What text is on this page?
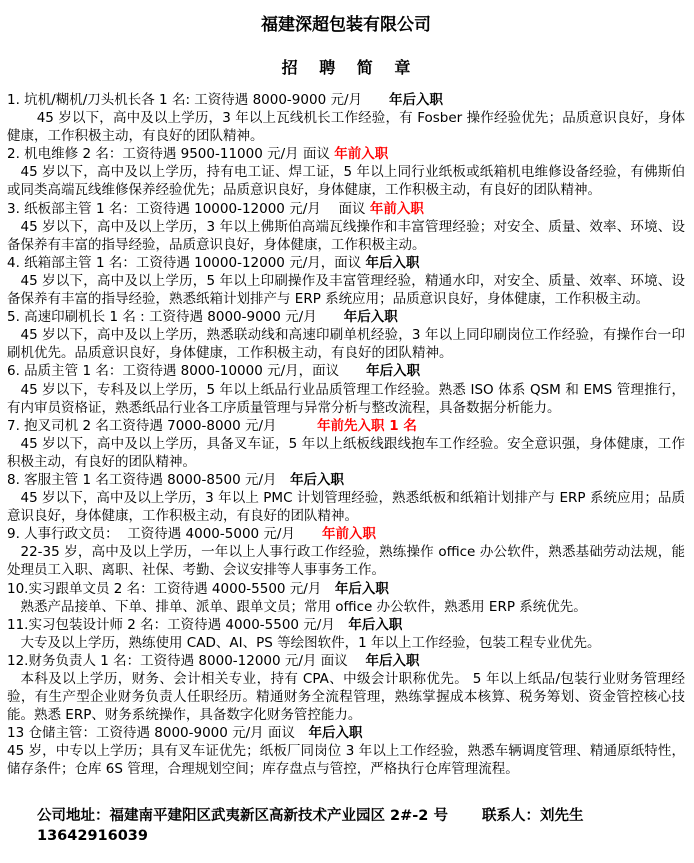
福建深超包装有限公司
招 聘 简 章
1. 坑机/糊机/刀头机长各 1 名: 工资待遇 8000-9000 元/月　　 年后入职

45 岁以下，高中及以上学历，3 年以上瓦线机长工作经验，有 Fosber 操作经验优先；品质意识良好，身体健康，工作积极主动，有良好的团队精神。

2. 机电维修 2 名：工资待遇 9500-11000 元/月 面议 年前入职

45 岁以下，高中及以上学历，持有电工证、焊工证，5 年以上同行业纸板或纸箱机电维修设备经验，有佛斯伯或同类高端瓦线维修保养经验优先；品质意识良好，身体健康，工作积极主动，有良好的团队精神。

3. 纸板部主管 1 名：工资待遇 10000-12000 元/月　 面议 年前入职

45 岁以下，高中及以上学历，3 年以上佛斯伯高端瓦线操作和丰富管理经验；对安全、质量、效率、环境、设备保养有丰富的指导经验，品质意识良好，身体健康，工作积极主动。

4. 纸箱部主管 1 名：工资待遇 10000-12000 元/月，面议 年后入职

45 岁以下，高中及以上学历，5 年以上印刷操作及丰富管理经验，精通水印，对安全、质量、效率、环境、设备保养有丰富的指导经验，熟悉纸箱计划排产与 ERP 系统应用；品质意识良好，身体健康，工作积极主动。

5. 高速印刷机长 1 名 : 工资待遇 8000-9000 元/月　　 年后入职

45 岁以下，高中及以上学历，熟悉联动线和高速印刷单机经验，3 年以上同印刷岗位工作经验，有操作台一印刷机优先。品质意识良好，身体健康，工作积极主动，有良好的团队精神。

6. 品质主管 1 名：工资待遇 8000-10000 元/月，面议　　 年后入职

45 岁以下，专科及以上学历，5 年以上纸品行业品质管理工作经验。熟悉 ISO 体系 QSM 和 EMS 管理推行，有内审员资格证，熟悉纸品行业各工序质量管理与异常分析与整改流程，具备数据分析能力。

7. 抱叉司机 2 名工资待遇 7000-8000 元/月　　　	年前先入职 1 名

45 岁以下，高中及以上学历，具备叉车证，5 年以上纸板线跟线抱车工作经验。安全意识强，身体健康，工作积极主动，有良好的团队精神。

8. 客服主管 1 名工资待遇 8000-8500 元/月　 年后入职

45 岁以下，高中及以上学历，3 年以上 PMC 计划管理经验，熟悉纸板和纸箱计划排产与 ERP 系统应用；品质意识良好，身体健康，工作积极主动，有良好的团队精神。

9. 人事行政文员：  工资待遇 4000-5000 元/月　　 年前入职

22-35 岁，高中及以上学历，一年以上人事行政工作经验，熟练操作 office 办公软件，熟悉基础劳动法规，能处理员工入职、离职、社保、考勤、会议安排等人事事务工作。

10.实习跟单文员 2 名：工资待遇 4000-5500 元/月　 年后入职

熟悉产品接单、下单、排单、派单、跟单文员；常用 office 办公软件，熟悉用 ERP 系统优先。

11.实习包装设计师 2 名：工资待遇 4000-5500 元/月　 年后入职

大专及以上学历，熟练使用 CAD、AI、PS 等绘图软件，1 年以上工作经验，包装工程专业优先。

12.财务负责人 1 名：工资待遇 8000-12000 元/月 面议　 年后入职

本科及以上学历，财务、会计相关专业，持有 CPA、中级会计职称优先。 5 年以上纸品/包装行业财务管理经验，有生产型企业财务负责人任职经历。精通财务全流程管理，熟练掌握成本核算、税务筹划、资金管控核心技能。熟悉 ERP、财务系统操作，具备数字化财务管控能力。

13 仓储主管：工资待遇 8000-9000 元/月 面议　 年后入职

45 岁，中专以上学历；具有叉车证优先；纸板厂同岗位 3 年以上工作经验，熟悉车辆调度管理、精通原纸特性，储存条件；仓库 6S 管理，合理规划空间；库存盘点与管控，严格执行仓库管理流程。

公司地址：福建南平建阳区武夷新区高新技术产业园区 2#-2 号　　 联系人：刘先生 13642916039
